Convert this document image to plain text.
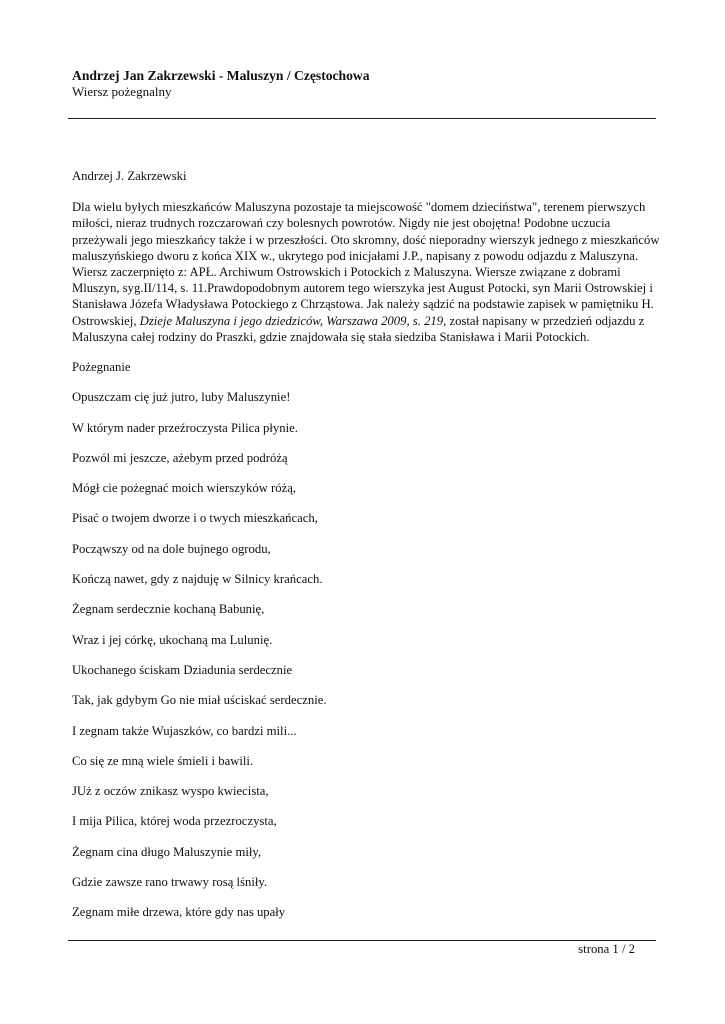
Andrzej Jan Zakrzewski - Maluszyn / Częstochowa
Wiersz pożegnalny

Andrzej J. Zakrzewski

Dla wielu byłych mieszkańców Maluszyna pozostaje ta miejscowość "domem dzieciństwa", terenem pierwszych miłości, nieraz trudnych rozczarowań czy bolesnych powrotów. Nigdy nie jest obojętna! Podobne uczucia przeżywali jego mieszkańcy także i w przeszłości. Oto skromny, dość nieporadny wierszyk jednego z mieszkańców maluszyńskiego dworu z końca XIX w., ukrytego pod inicjałami J.P., napisany z powodu odjazdu z Maluszyna. Wiersz zaczerpnięto z: APŁ. Archiwum Ostrowskich i Potockich z Maluszyna. Wiersze związane z dobrami Mluszyn, syg.II/114, s. 11.Prawdopodobnym autorem tego wierszyka jest August Potocki, syn Marii Ostrowskiej i Stanisława Józefa Władysława Potockiego z Chrząstowa. Jak należy sądzić na podstawie zapisek w pamiętniku H. Ostrowskiej, Dzieje Maluszyna i jego dziedziców, Warszawa 2009, s. 219, został napisany w przedzień odjazdu z Maluszyna całej rodziny do Praszki, gdzie znajdowała się stała siedziba Stanisława i Marii Potockich.

Pożegnanie

Opuszczam cię już jutro, luby Maluszynie!
W którym nader przeźroczysta Pilica płynie.
Pozwól mi jeszcze, ażebym przed podróżą
Mógł cie pożegnać moich wierszyków różą,
Pisać o twojem dworze i o twych mieszkańcach,
Począwszy od na dole bujnego ogrodu,
Kończą nawet, gdy z najduję w Silnicy krańcach.
Żegnam serdecznie kochaną Babunię,
Wraz i jej córkę, ukochaną ma Lulunię.
Ukochanego ściskam Dziadunia serdecznie
Tak, jak gdybym Go nie miał uściskać serdecznie.
I zegnam także Wujaszków, co bardzi mili...
Co się ze mną wiele śmieli i bawili.
JUż z oczów znikasz wyspo kwiecista,
I mija Pilica, której woda przezroczysta,
Żegnam cina długo Maluszynie miły,
Gdzie zawsze rano trwawy rosą lśniły.
Zegnam miłe drzewa, które gdy nas upały
strona 1 / 2
